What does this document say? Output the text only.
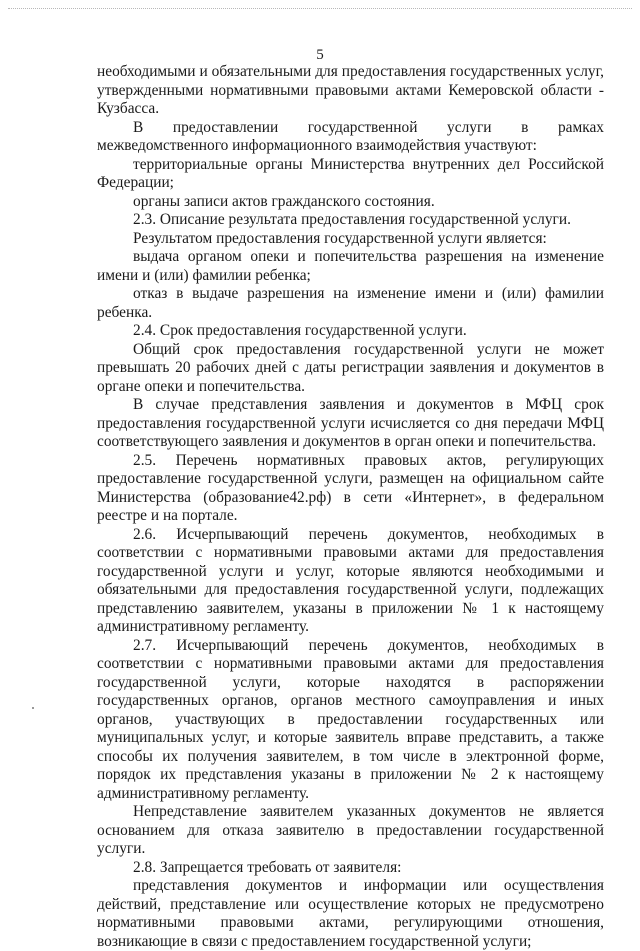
5

необходимыми и обязательными для предоставления государственных услуг, утвержденными нормативными правовыми актами Кемеровской области - Кузбасса.

В предоставлении государственной услуги в рамках межведомственного информационного взаимодействия участвуют:

территориальные органы Министерства внутренних дел Российской Федерации;

органы записи актов гражданского состояния.

2.3. Описание результата предоставления государственной услуги.

Результатом предоставления государственной услуги является:

выдача органом опеки и попечительства разрешения на изменение имени и (или) фамилии ребенка;

отказ в выдаче разрешения на изменение имени и (или) фамилии ребенка.

2.4. Срок предоставления государственной услуги.

Общий срок предоставления государственной услуги не может превышать 20 рабочих дней с даты регистрации заявления и документов в органе опеки и попечительства.

В случае представления заявления и документов в МФЦ срок предоставления государственной услуги исчисляется со дня передачи МФЦ соответствующего заявления и документов в орган опеки и попечительства.

2.5. Перечень нормативных правовых актов, регулирующих предоставление государственной услуги, размещен на официальном сайте Министерства (образование42.рф) в сети «Интернет», в федеральном реестре и на портале.

2.6. Исчерпывающий перечень документов, необходимых в соответствии с нормативными правовыми актами для предоставления государственной услуги и услуг, которые являются необходимыми и обязательными для предоставления государственной услуги, подлежащих представлению заявителем, указаны в приложении № 1 к настоящему административному регламенту.

2.7. Исчерпывающий перечень документов, необходимых в соответствии с нормативными правовыми актами для предоставления государственной услуги, которые находятся в распоряжении государственных органов, органов местного самоуправления и иных органов, участвующих в предоставлении государственных или муниципальных услуг, и которые заявитель вправе представить, а также способы их получения заявителем, в том числе в электронной форме, порядок их представления указаны в приложении № 2 к настоящему административному регламенту.

Непредставление заявителем указанных документов не является основанием для отказа заявителю в предоставлении государственной услуги.

2.8. Запрещается требовать от заявителя:

представления документов и информации или осуществления действий, представление или осуществление которых не предусмотрено нормативными правовыми актами, регулирующими отношения, возникающие в связи с предоставлением государственной услуги;
